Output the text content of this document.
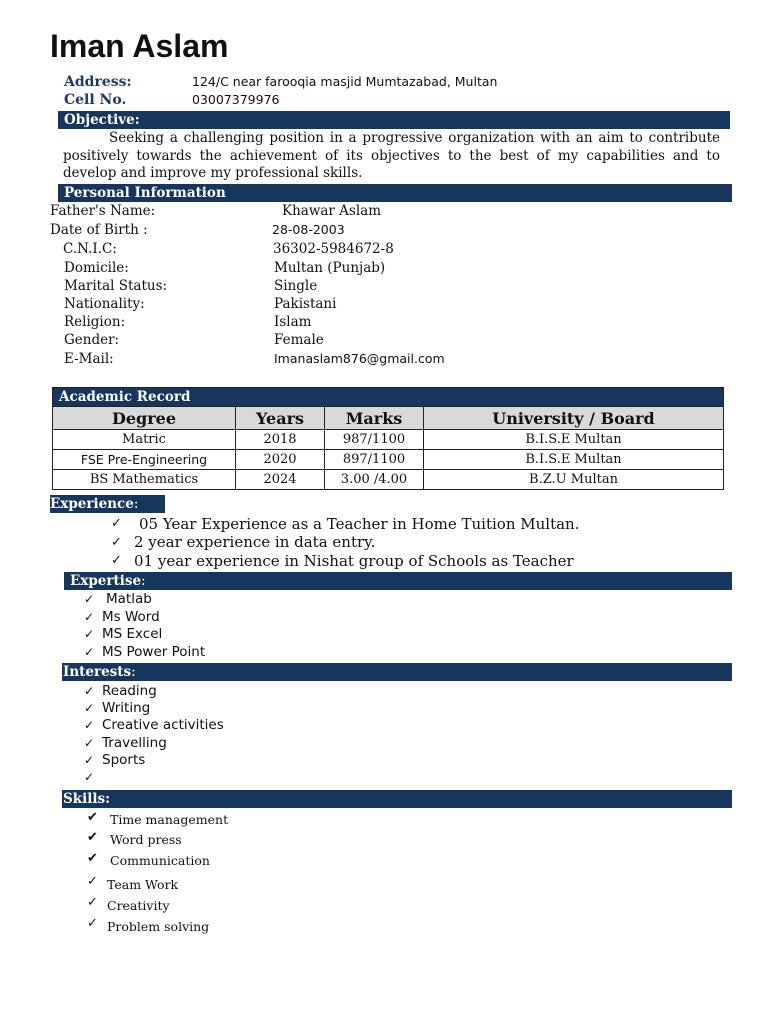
Iman Aslam
Address:	124/C near farooqia masjid Mumtazabad, Multan
Cell No.	03007379976
Objective:
Seeking a challenging position in a progressive organization with an aim to contribute positively towards the achievement of its objectives to the best of my capabilities and to develop and improve my professional skills.
Personal Information
Father's Name:	Khawar Aslam
Date of Birth :	28-08-2003
C.N.I.C:	36302-5984672-8
Domicile:	Multan (Punjab)
Marital Status:	Single
Nationality:	Pakistani
Religion:	Islam
Gender:	Female
E-Mail:	Imanaslam876@gmail.com
Academic Record			
Degree	Years	Marks	University / Board
Matric	2018	987/1100	B.I.S.E Multan
FSE Pre-Engineering	2020	897/1100	B.I.S.E Multan
BS Mathematics	2024	3.00 /4.00	B.Z.U Multan
Experience:
✓ 05 Year Experience as a Teacher in Home Tuition Multan.
✓ 2 year experience in data entry.
✓ 01 year experience in Nishat group of Schools as Teacher
Expertise:
✓ Matlab
✓ Ms Word
✓ MS Excel
✓ MS Power Point
Interests:
✓ Reading
✓ Writing
✓ Creative activities
✓ Travelling
✓ Sports
✓
Skills:
✔ Time management
✔ Word press
✔ Communication
✓ Team Work
✓ Creativity
✓ Problem solving
